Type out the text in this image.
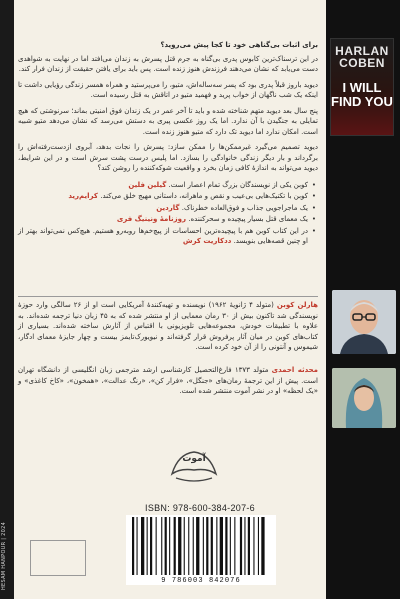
HESAM HANPOUR | 2024
HARLAN COBEN
I WILL FIND YOU
برای اثبات بی‌گناهی خود تا کجا پیش می‌روید؟

در این ترسناک‌ترین کابوس پدری بی‌گناه به جرم قتل پسرش به زندان می‌افتد اما در نهایت به شواهدی دست می‌یابد که نشان می‌دهند فرزندش هنوز زنده است. پس باید برای یافتن حقیقت از زندان فرار کند.

دیوید باروز قبلاً پدری بود که پسر سه‌ساله‌اش، متیو، را می‌پرستید و همراه همسر زندگی رؤیایی داشت تا اینکه یک شب ناگهان از خواب پرید و فهمید متیو در اتاقش به قتل رسیده است.

پنج سال بعد دیوید متهم شناخته شده و باید تا آخر عمر در یک زندان فوق امنیتی بماند؛ سرنوشتی که هیچ تمایلی به جنگیدن با آن ندارد. اما یک روز عکسی پیری به دستش می‌رسد که نشان می‌دهد متیو شبیه است. امکان ندارد اما دیوید تک دارد که متیو هنوز زنده است.

دیوید تصمیم می‌گیرد غیرممکن‌ها را ممکن سازد: پسرش را نجات بدهد، آبروی ازدست‌رفته‌اش را برگرداند و بار دیگر زندگی خانوادگی را بسازد. اما پلیس درست پشت سرش است و در این شرایط، دیوید می‌تواند به اندازهٔ کافی زمان بخرد و واقعیت شوکه‌کننده را روشن کند؟

• کوبن یکی از نویسندگان بزرگ تمام اعصار است. گیلین فلین
• کوبن با تکنیک‌هایی بی‌عیب و نقص و ماهرانه، داستانی مهیج خلق می‌کند. کرایم‌رید
• یک ماجراجویی جذاب و فوق‌العاده خطرناک. گاردین
• یک معمای قتل بسیار پیچیده و سحرکننده. روزنامهٔ ونینیگ فری
• در این کتاب کوبن هم با پیچیده‌ترین احساسات از پیچ‌خم‌ها روبه‌رو هستیم. هیچ‌کس نمی‌تواند بهتر از او چنین قصه‌هایی بنویسد. ددکاریت کرش
هارلن کوبن (متولد ۴ ژانویهٔ ۱۹۶۲) نویسنده و تهیه‌کنندهٔ آمریکایی است او از ۲۶ سالگی وارد حوزهٔ نویسندگی شد تاکنون بیش از ۳۰ رمان معمایی از او منتشر شده که به ۴۵ زبان دنیا ترجمه شده‌اند. به علاوه با تطبیقات خودش، مجموعه‌هایی تلویزیونی با اقتباس از آثارش ساخته شده‌اند. بسیاری از کتاب‌های کوبن در میان آثار پرفروش قرار گرفته‌اند و نیویورک‌تایمز بیست و چهار جایزهٔ معمای ادگار، شیموس و آنتونی را از آن خود کرده است.
محدثه احمدی متولد ۱۳۷۳ فارغ‌التحصیل کارشناسی ارشد مترجمی زبان انگلیسی از دانشگاه تهران است. پیش از این ترجمهٔ رمان‌های «جنگل»، «فرار کن»، «رنگ عدالت»، «همخون»، «کاخ کاغذی» و «یک لحظه» او در نشر آموت منتشر شده است.
آموت
ISBN: 978-600-384-207-6
9 786003 842076
